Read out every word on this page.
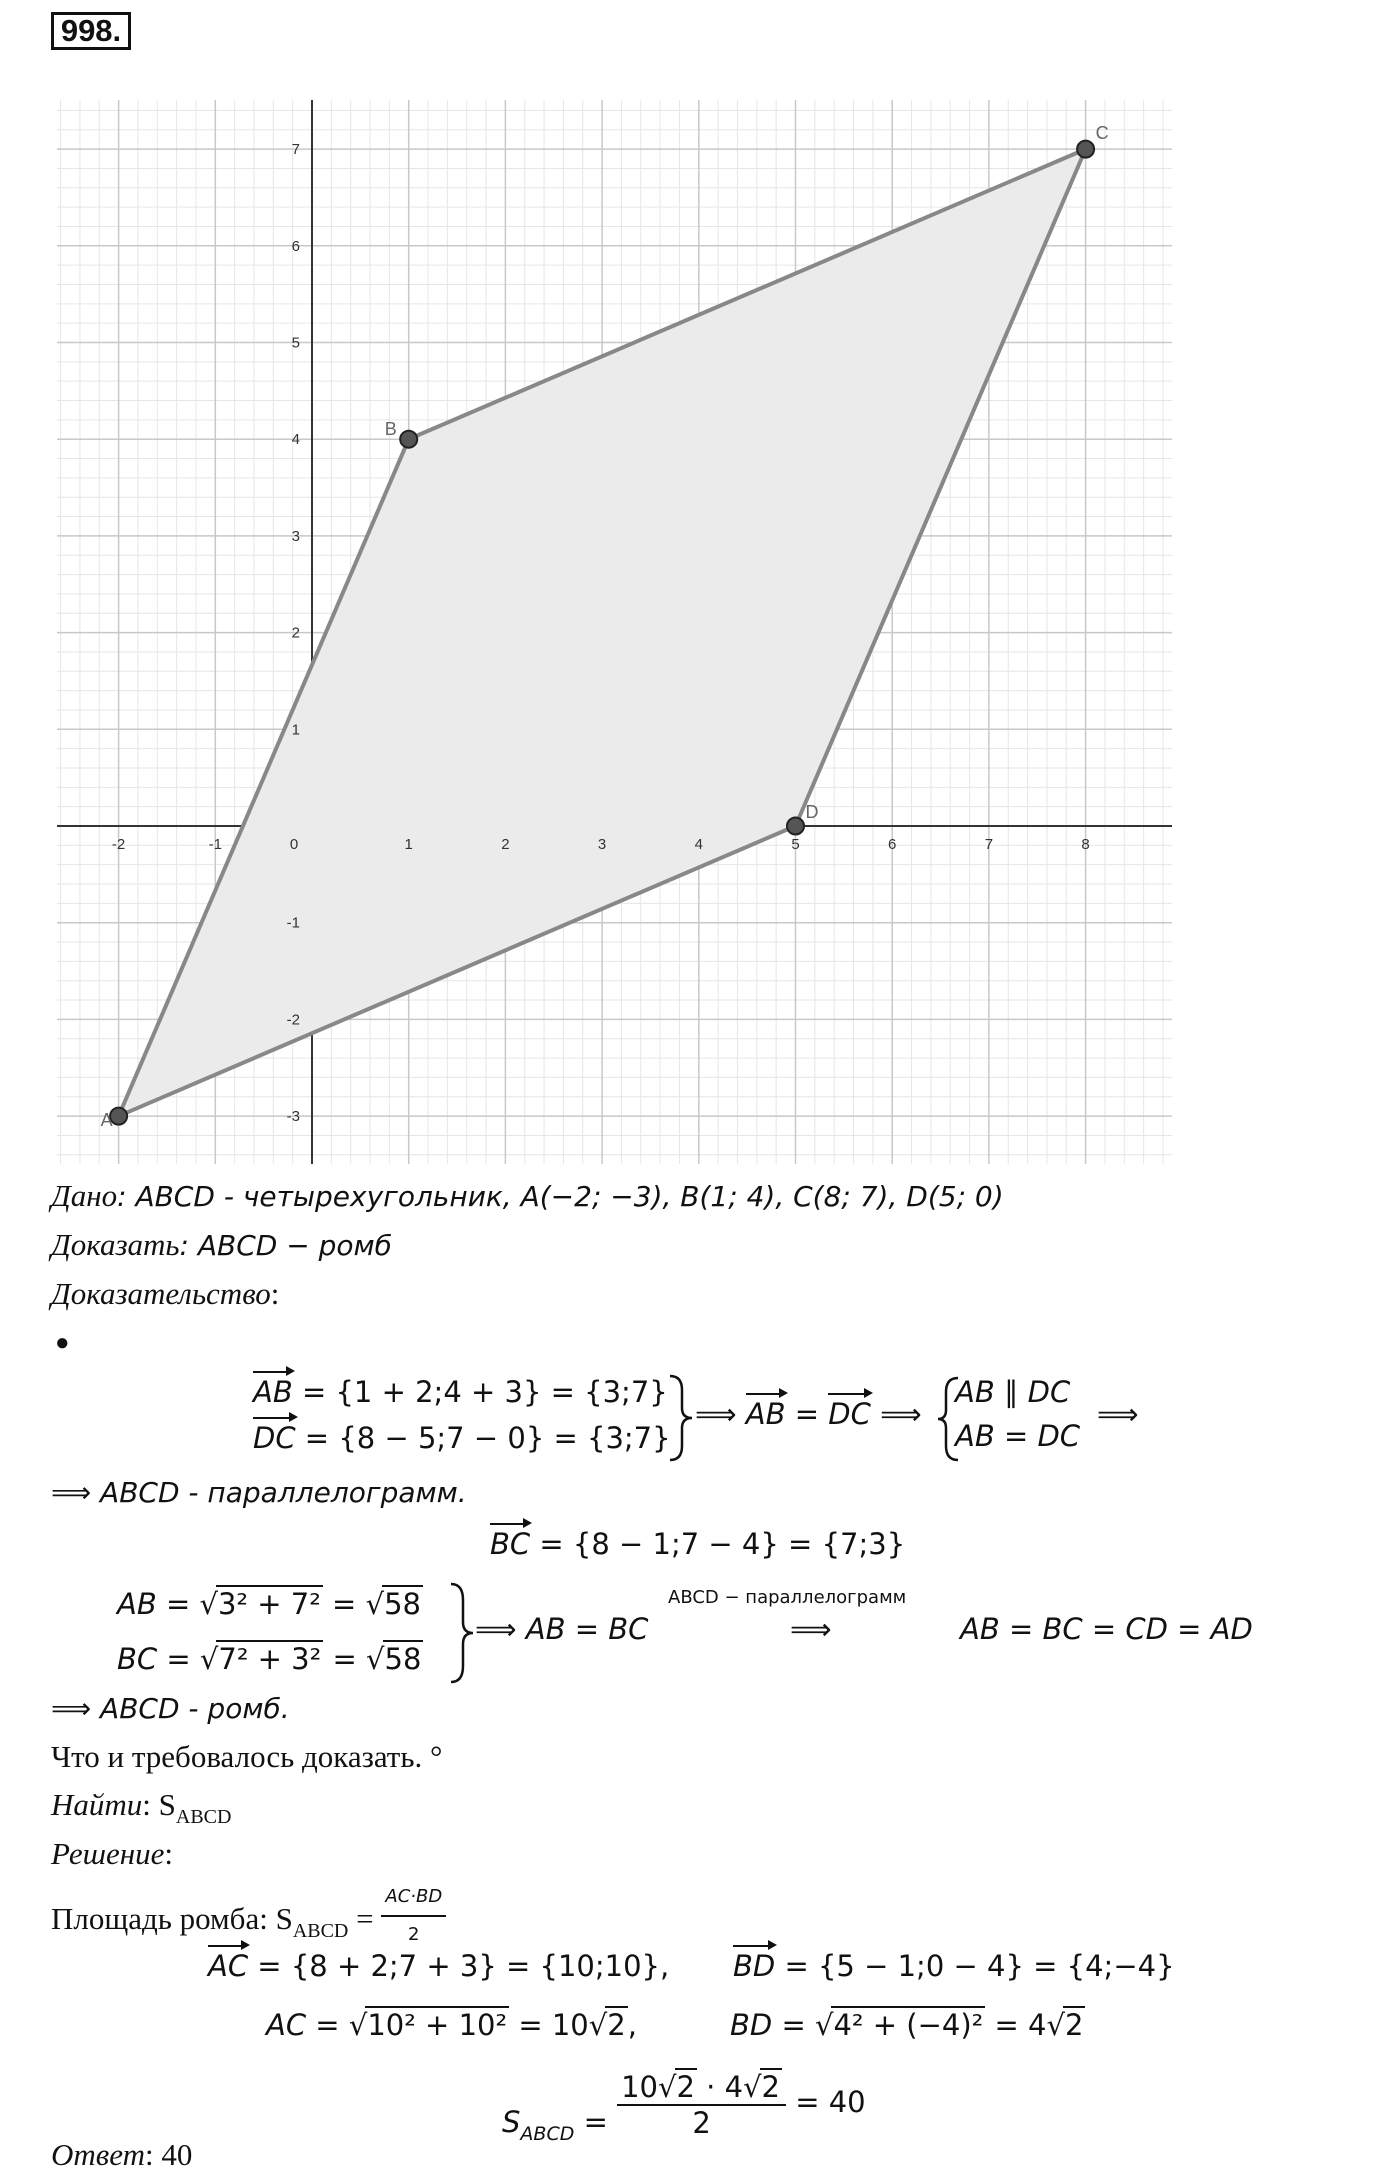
998.
-2	-1	0	1	2	3	4	5	6	7	8
-3
-2
-1
1
2
3
4
5
6
7
A
B
C
D
Дано: ABCD - четырехугольник, A(−2; −3), B(1; 4), C(8; 7), D(5; 0)
Доказать: ABCD − ромб
Доказательство:
●
AB = {1 + 2;4 + 3} = {3;7}
DC = {8 − 5;7 − 0} = {3;7}
⟹ AB = DC ⟹
AB ∥ DC
AB = DC
⟹
⟹ ABCD - параллелограмм.
BC = {8 − 1;7 − 4} = {7;3}
AB = √3² + 7² = √58
BC = √7² + 3² = √58
⟹ AB = BC
ABCD − параллелограмм
⟹	AB = BC = CD = AD
⟹ ABCD - ромб.
Что и требовалось доказать. °
Найти: $S_{ABCD}$
Решение:
Площадь ромба: $S_{ABCD} = \frac{AC\cdot BD}{2}$
AC = {8 + 2;7 + 3} = {10;10}, BD = {5 − 1;0 − 4} = {4;−4}
AC = √10² + 10² = 10√2,	BD = √4² + (−4)² = 4√2
$S_{ABCD} = \frac{10√2 \cdot 4√2}{2} = 40$
Ответ: 40
